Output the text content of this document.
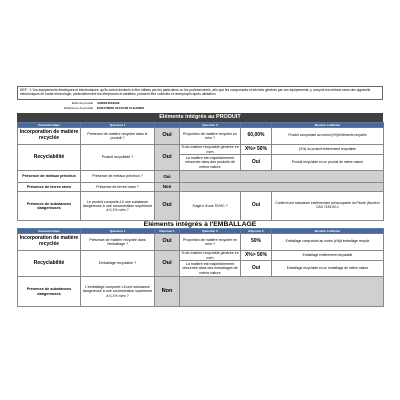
DEP : 'L' les équipements électriques et électroniques, qu'ils soient destinés à être utilisés par les particuliers ou les professionnels, afin que les composants et déchets générés par ces équipements, y compris les métaux rares des appareils électroniques de haute technologie, particulièrement les téléphones et tablettes, puissent être collectés et réemployés après utilisation
EAN du produit 3468814534009
Référence du produit ECB17BEM VACUUM CLEANER
Eléments intégrés au PRODUIT
Caractéristique	Question 1		Question 2		Mention à afficher
Incorporation de matière recyclée	Présence de matière recyclée dans le produit ?	Oui	Proportion de matière recyclée en m/m ?	60,00%	Produit comportant au moins [x%]d'éléments recyclés
Recyclabilité	Produit recyclable ?	Oui	% de matière recyclable générée en m/m	X%> 50%	[X%] du produit entièrement recyclable
			La matière est majoritairement retournée dans des produits de même nature	Oui	Produit recyclable en un produit de même nature
Présence de métaux précieux	Présence de métaux précieux ?	Oui			
Présence de terres rares	Présence de terres rares ?	Non			
Présence de substances dangereuses	Le produit comporte-t-il une substance dangereuse à une concentration supérieure à 0,1% m/m ?	Oui	S'agit-il d'une SVHC ?	Oui	Contient une substance extrêmement préoccupante du Plomb (Numéro CAS 7439-92-1
Eléments intégrés à l'EMBALLAGE
Caractéristique	Question 1	Réponse 1	Question 2	Réponse 2	Mention à afficher
Incorporation de matière recyclée	Présence de matière recyclée dans l'emballage ?	Oui	Proportion de matière recyclée en m/m ?	50%	Emballage comportant au moins [x%]d'emballage recyclé
Recyclabilité	Emballage recyclable ?	Oui	% de matière recyclable générée en m/m	X%> 50%	Emballage entièrement recyclable
			La matière est majoritairement retournée dans des emballages de même nature	Oui	Emballage recyclable en un emballage de même nature
Présence de substances dangereuses	L'emballage comporte-t-il une substance dangereuse à une concentration supérieure à 0,1% m/m ?	Non			
